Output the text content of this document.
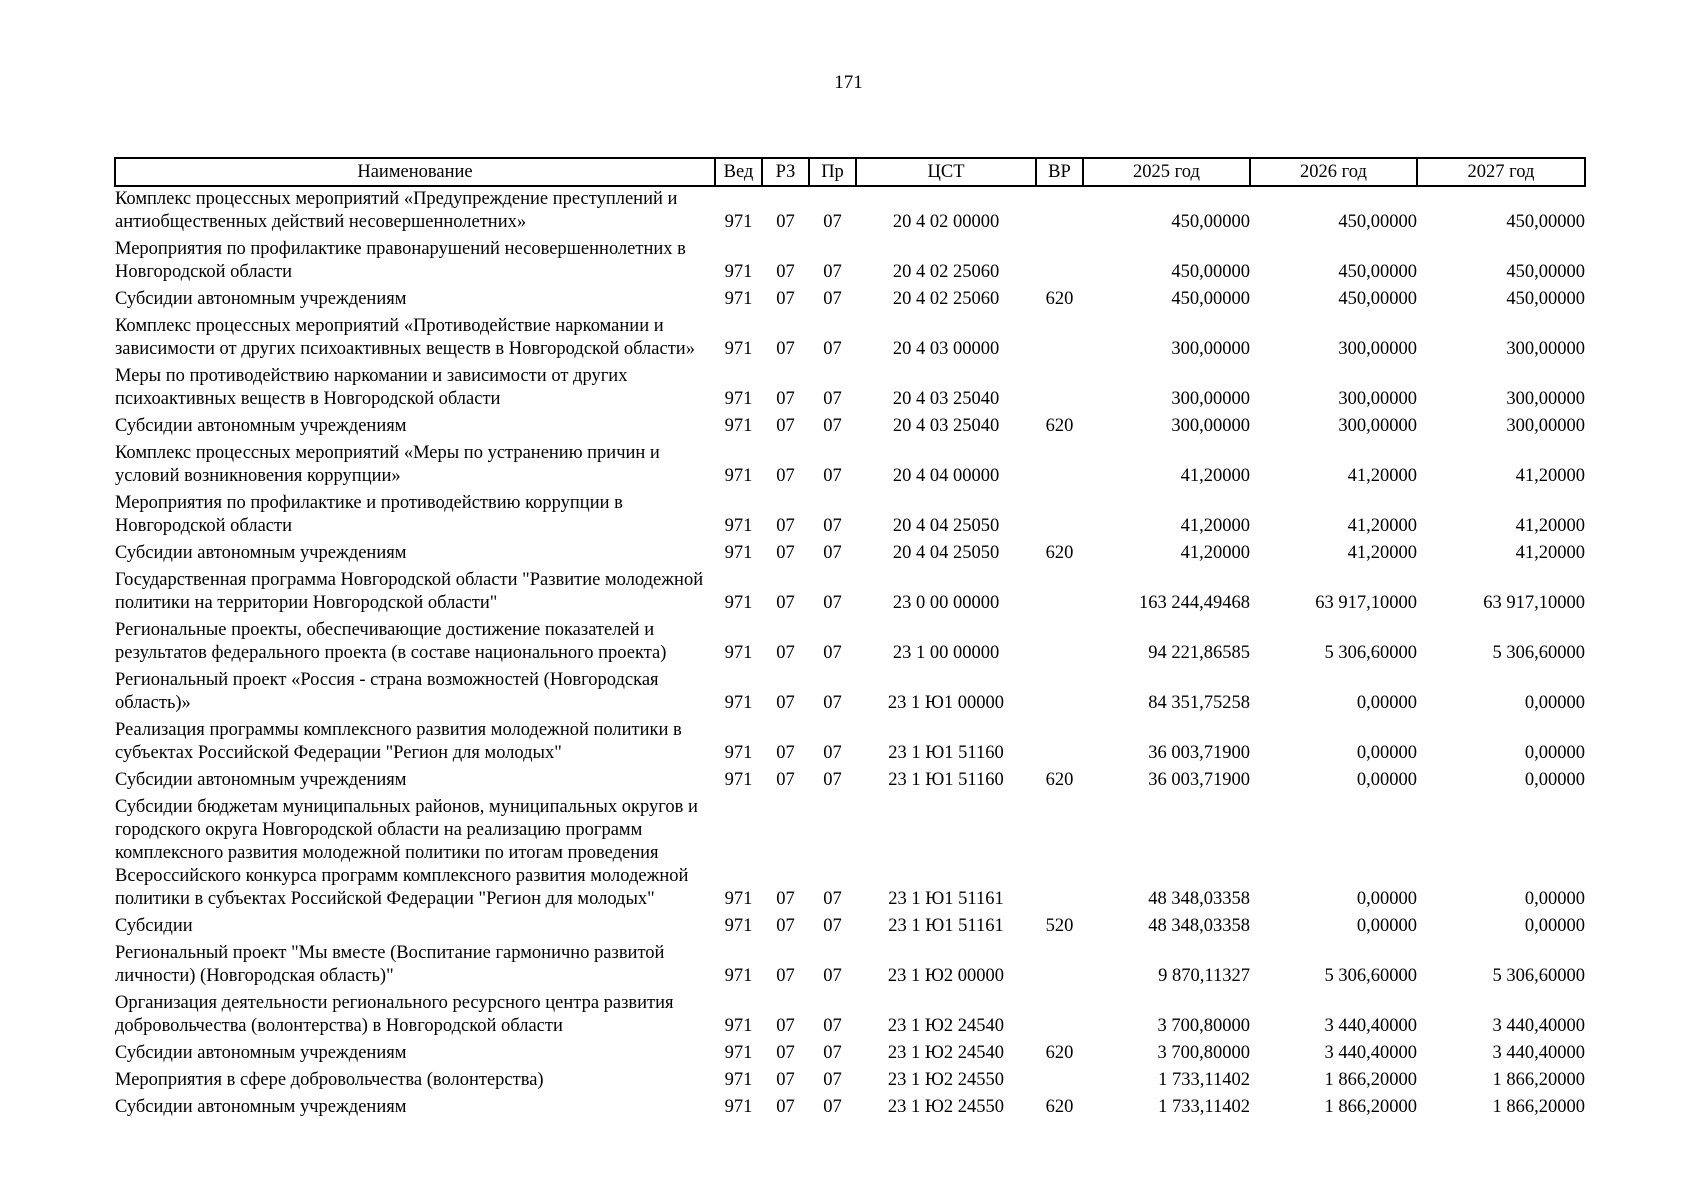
171
Наименование	Вед	РЗ	Пр	ЦСТ	ВР	2025 год	2026 год	2027 год
Комплекс процессных мероприятий «Предупреждение преступлений и антиобщественных действий несовершеннолетних»	971	07	07	20 4 02 00000		450,00000	450,00000	450,00000
Мероприятия по профилактике правонарушений несовершеннолетних в Новгородской области	971	07	07	20 4 02 25060		450,00000	450,00000	450,00000
Субсидии автономным учреждениям	971	07	07	20 4 02 25060	620	450,00000	450,00000	450,00000
Комплекс процессных мероприятий «Противодействие наркомании и зависимости от других психоактивных веществ в Новгородской области»	971	07	07	20 4 03 00000		300,00000	300,00000	300,00000
Меры по противодействию наркомании и зависимости от других психоактивных веществ в Новгородской области	971	07	07	20 4 03 25040		300,00000	300,00000	300,00000
Субсидии автономным учреждениям	971	07	07	20 4 03 25040	620	300,00000	300,00000	300,00000
Комплекс процессных мероприятий «Меры по устранению причин и условий возникновения коррупции»	971	07	07	20 4 04 00000		41,20000	41,20000	41,20000
Мероприятия по профилактике и противодействию коррупции в Новгородской области	971	07	07	20 4 04 25050		41,20000	41,20000	41,20000
Субсидии автономным учреждениям	971	07	07	20 4 04 25050	620	41,20000	41,20000	41,20000
Государственная программа Новгородской области "Развитие молодежной политики на территории Новгородской области"	971	07	07	23 0 00 00000		163 244,49468	63 917,10000	63 917,10000
Региональные проекты, обеспечивающие достижение показателей и результатов федерального проекта (в составе национального проекта)	971	07	07	23 1 00 00000		94 221,86585	5 306,60000	5 306,60000
Региональный проект «Россия - страна возможностей (Новгородская область)»	971	07	07	23 1 Ю1 00000		84 351,75258	0,00000	0,00000
Реализация программы комплексного развития молодежной политики в субъектах Российской Федерации "Регион для молодых"	971	07	07	23 1 Ю1 51160		36 003,71900	0,00000	0,00000
Субсидии автономным учреждениям	971	07	07	23 1 Ю1 51160	620	36 003,71900	0,00000	0,00000
Субсидии бюджетам муниципальных районов, муниципальных округов и городского округа Новгородской области на реализацию программ комплексного развития молодежной политики по итогам проведения Всероссийского конкурса программ комплексного развития молодежной политики в субъектах Российской Федерации "Регион для молодых"	971	07	07	23 1 Ю1 51161		48 348,03358	0,00000	0,00000
Субсидии	971	07	07	23 1 Ю1 51161	520	48 348,03358	0,00000	0,00000
Региональный проект "Мы вместе (Воспитание гармонично развитой личности) (Новгородская область)"	971	07	07	23 1 Ю2 00000		9 870,11327	5 306,60000	5 306,60000
Организация деятельности регионального ресурсного центра развития добровольчества (волонтерства) в Новгородской области	971	07	07	23 1 Ю2 24540		3 700,80000	3 440,40000	3 440,40000
Субсидии автономным учреждениям	971	07	07	23 1 Ю2 24540	620	3 700,80000	3 440,40000	3 440,40000
Мероприятия в сфере добровольчества (волонтерства)	971	07	07	23 1 Ю2 24550		1 733,11402	1 866,20000	1 866,20000
Субсидии автономным учреждениям	971	07	07	23 1 Ю2 24550	620	1 733,11402	1 866,20000	1 866,20000
